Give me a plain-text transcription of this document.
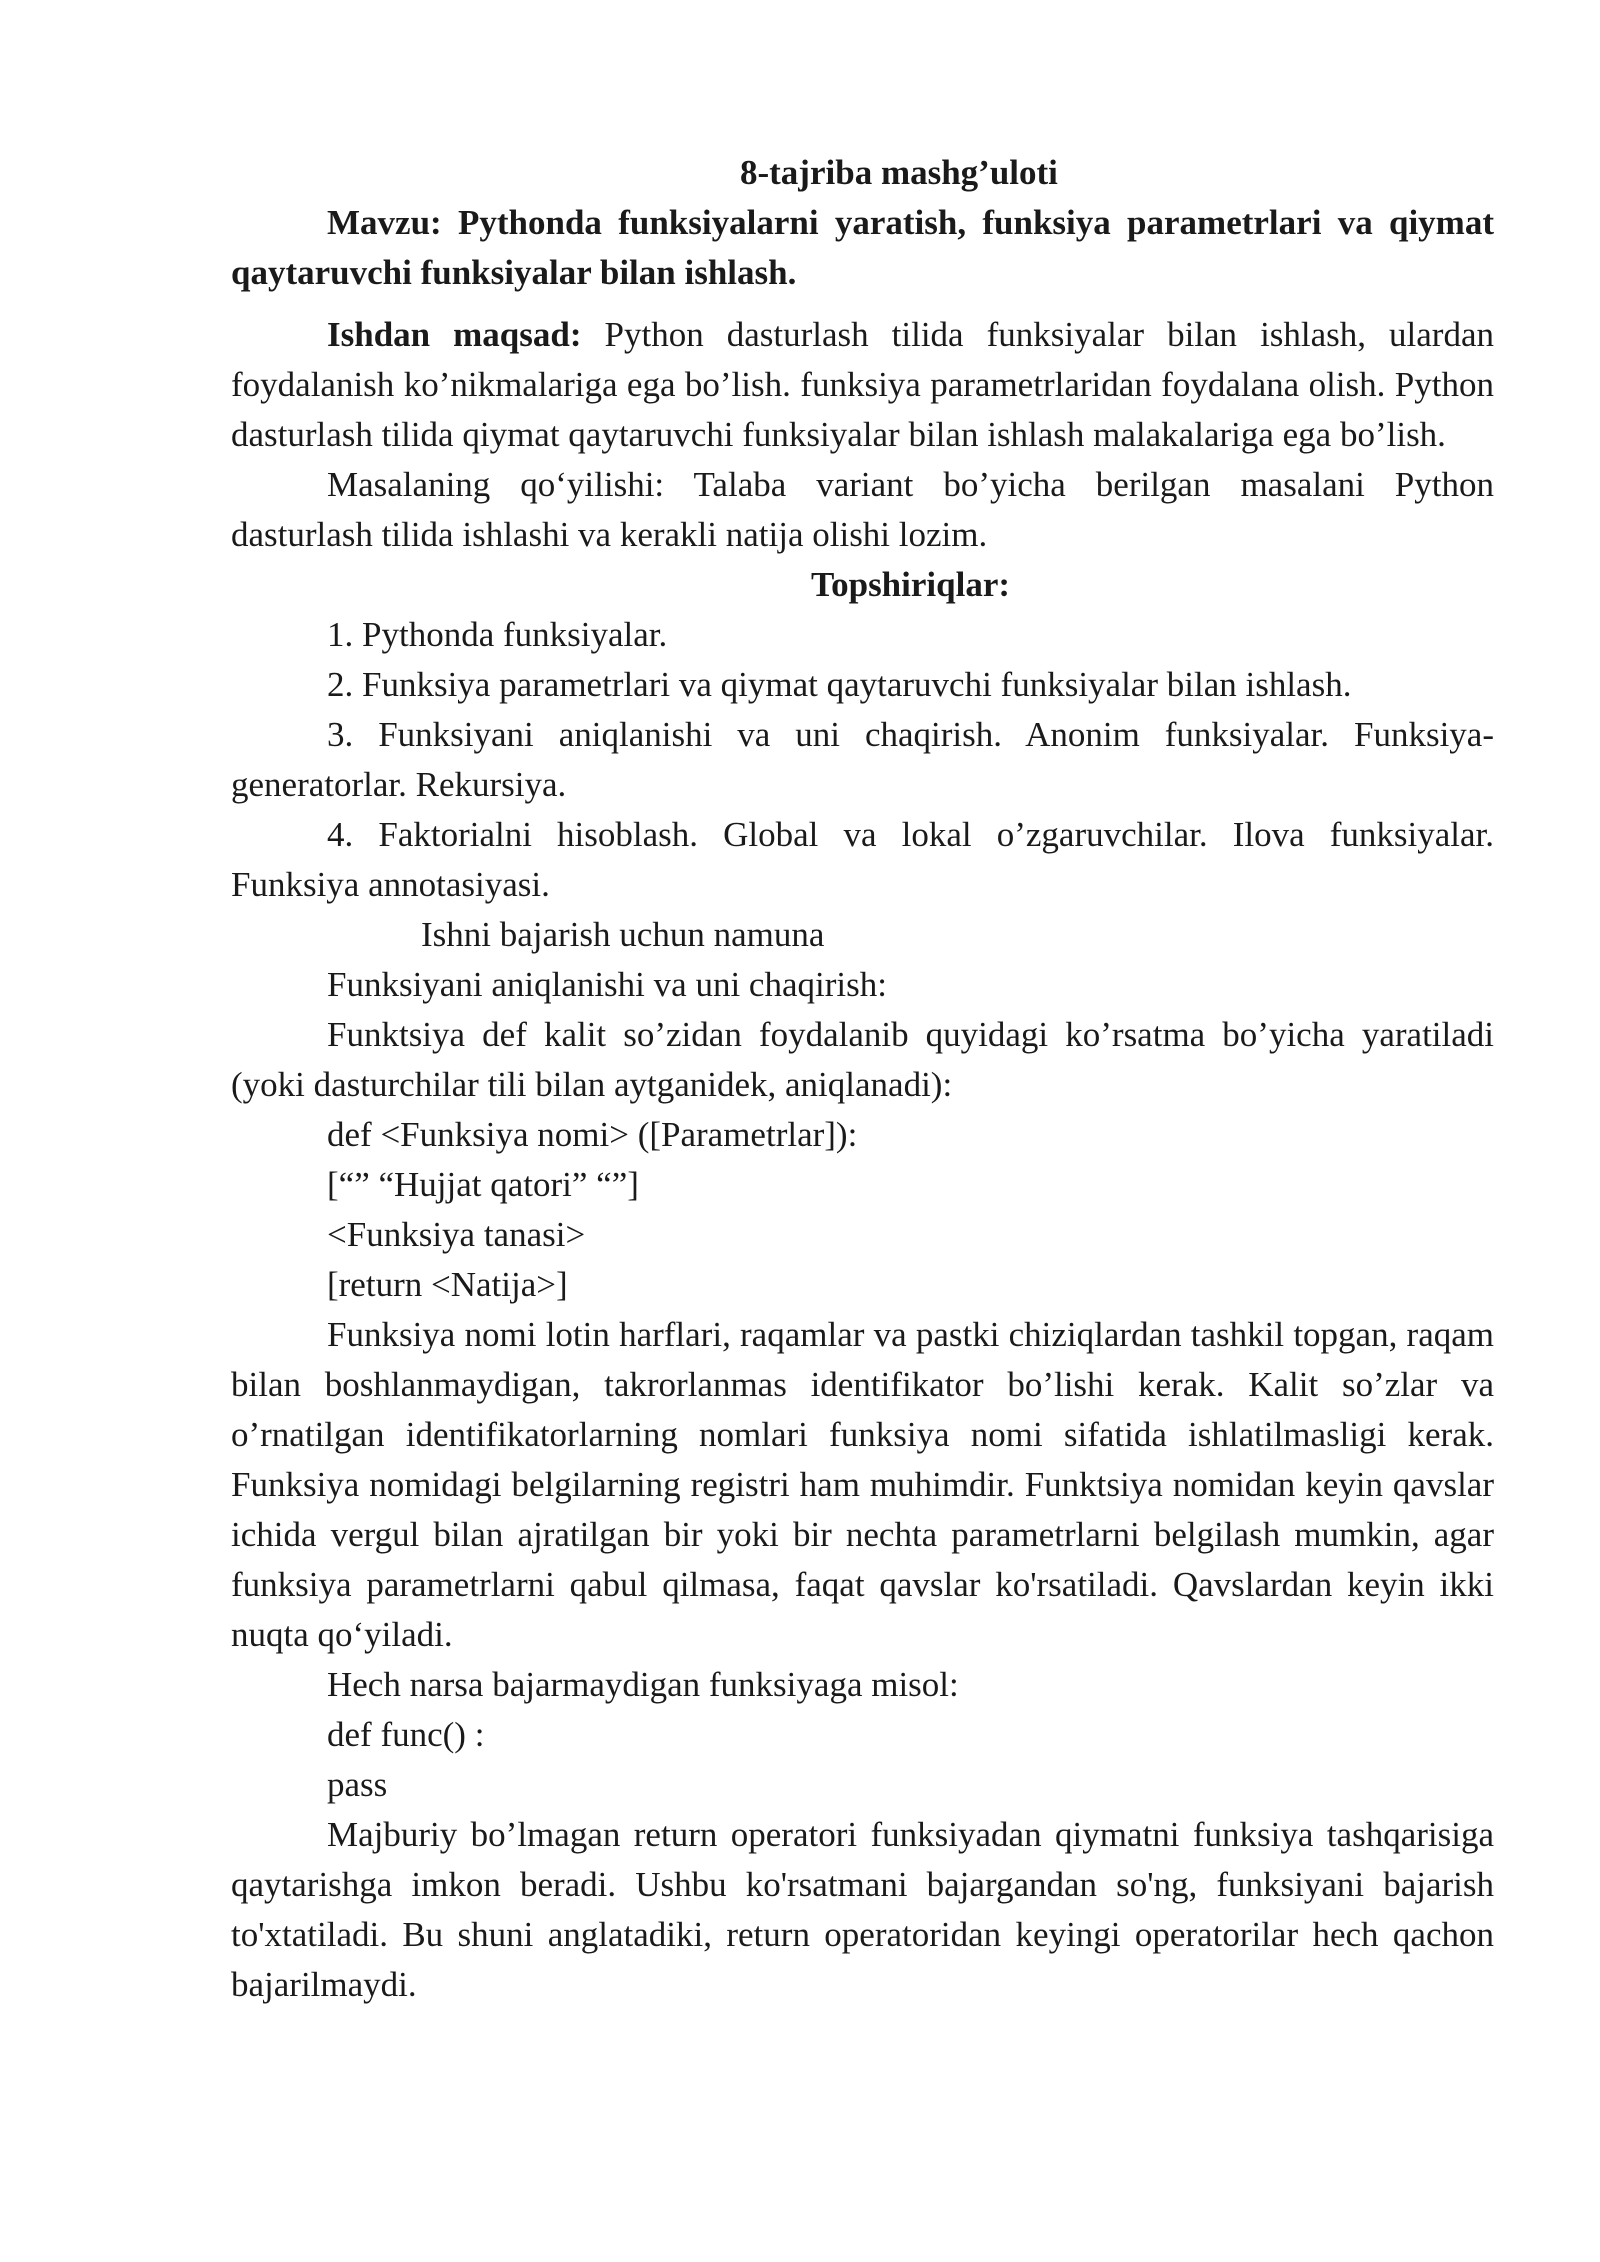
8-tajriba mashg’uloti

Mavzu: Pythonda funksiyalarni yaratish, funksiya parametrlari va qiymat qaytaruvchi funksiyalar bilan ishlash.

Ishdan maqsad: Python dasturlash tilida funksiyalar bilan ishlash, ulardan foydalanish ko’nikmalariga ega bo’lish. funksiya parametrlaridan foydalana olish. Python dasturlash tilida qiymat qaytaruvchi funksiyalar bilan ishlash malakalariga ega bo’lish.

Masalaning qo‘yilishi: Talaba variant bo’yicha berilgan masalani Python dasturlash tilida ishlashi va kerakli natija olishi lozim.

Topshiriqlar:

1. Pythonda funksiyalar.

2. Funksiya parametrlari va qiymat qaytaruvchi funksiyalar bilan ishlash.

3. Funksiyani aniqlanishi va uni chaqirish. Anonim funksiyalar. Funksiya-generatorlar. Rekursiya.

4. Faktorialni hisoblash. Global va lokal o’zgaruvchilar. Ilova funksiyalar. Funksiya annotasiyasi.

Ishni bajarish uchun namuna

Funksiyani aniqlanishi va uni chaqirish:

Funktsiya def kalit so’zidan foydalanib quyidagi ko’rsatma bo’yicha yaratiladi (yoki dasturchilar tili bilan aytganidek, aniqlanadi):

def <Funksiya nomi> ([Parametrlar]):

[“” “Hujjat qatori” “”]

<Funksiya tanasi>

[return <Natija>]

Funksiya nomi lotin harflari, raqamlar va pastki chiziqlardan tashkil topgan, raqam bilan boshlanmaydigan, takrorlanmas identifikator bo’lishi kerak. Kalit so’zlar va o’rnatilgan identifikatorlarning nomlari funksiya nomi sifatida ishlatilmasligi kerak. Funksiya nomidagi belgilarning registri ham muhimdir. Funktsiya nomidan keyin qavslar ichida vergul bilan ajratilgan bir yoki bir nechta parametrlarni belgilash mumkin, agar funksiya parametrlarni qabul qilmasa, faqat qavslar ko'rsatiladi. Qavslardan keyin ikki nuqta qo‘yiladi.

Hech narsa bajarmaydigan funksiyaga misol:

def func() :

pass

Majburiy bo’lmagan return operatori funksiyadan qiymatni funksiya tashqarisiga qaytarishga imkon beradi. Ushbu ko'rsatmani bajargandan so'ng, funksiyani bajarish to'xtatiladi. Bu shuni anglatadiki, return operatoridan keyingi operatorilar hech qachon bajarilmaydi.
